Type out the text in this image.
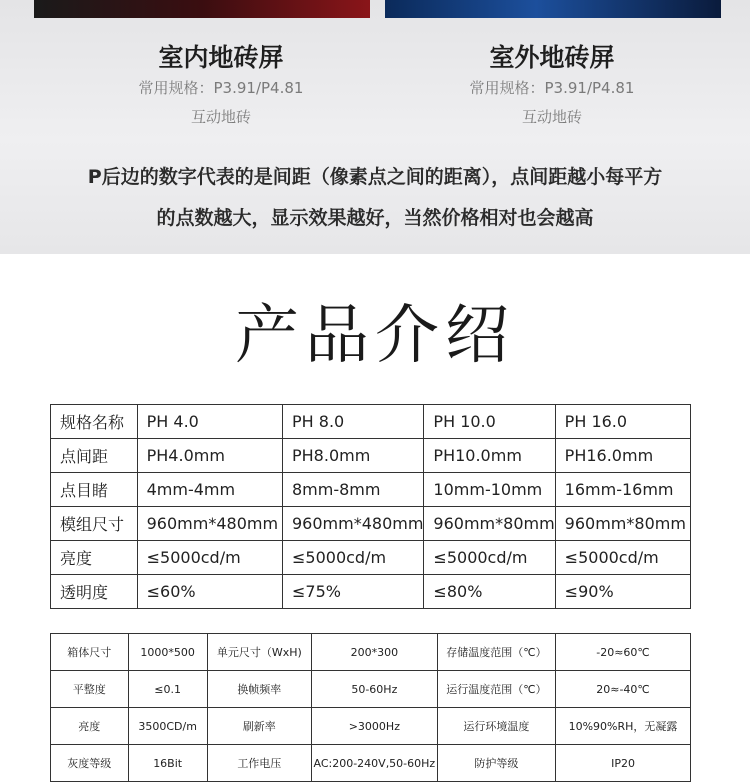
室内地砖屏
常用规格：P3.91/P4.81
互动地砖
室外地砖屏
常用规格：P3.91/P4.81
互动地砖
P后边的数字代表的是间距（像素点之间的距离），点间距越小每平方
的点数越大，显示效果越好，当然价格相对也会越高
产品介绍
规格名称	PH 4.0	PH 8.0	PH 10.0	PH 16.0
点间距	PH4.0mm	PH8.0mm	PH10.0mm	PH16.0mm
点目睹	4mm-4mm	8mm-8mm	10mm-10mm	16mm-16mm
模组尺寸	960mm*480mm	960mm*480mm	960mm*80mm	960mm*80mm
亮度	≤5000cd/m	≤5000cd/m	≤5000cd/m	≤5000cd/m
透明度	≤60%	≤75%	≤80%	≤90%
箱体尺寸	1000*500	单元尺寸（WxH)	200*300	存储温度范围（℃）	-20≈60℃
平整度	≤0.1	换帧频率	50-60Hz	运行温度范围（℃）	20≈-40℃
亮度	3500CD/m	刷新率	>3000Hz	运行环境温度	10%90%RH，无凝露
灰度等级	16Bit	工作电压	AC:200-240V,50-60Hz	防护等级	IP20
